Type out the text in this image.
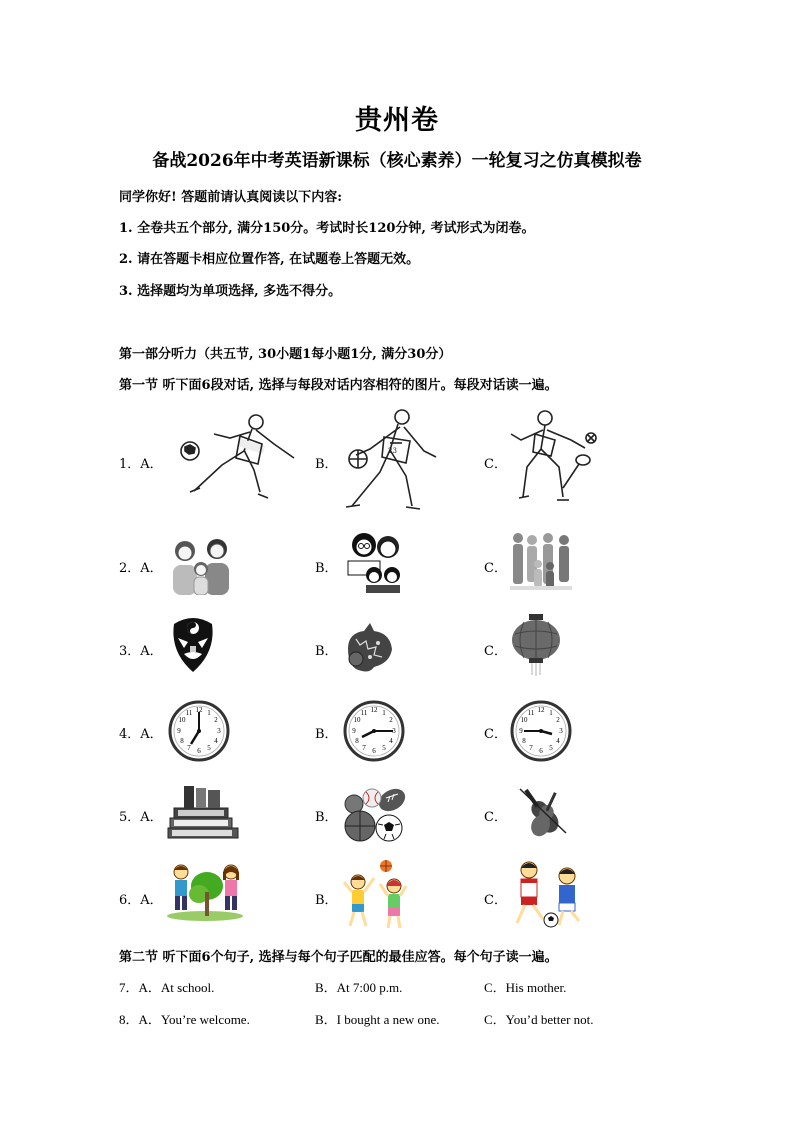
贵州卷
备战2026年中考英语新课标（核心素养）一轮复习之仿真模拟卷
同学你好! 答题前请认真阅读以下内容:
1. 全卷共五个部分, 满分150分。考试时长120分钟, 考试形式为闭卷。
2. 请在答题卡相应位置作答, 在试题卷上答题无效。
3. 选择题均为单项选择, 多选不得分。
第一部分听力（共五节, 30小题1每小题1分, 满分30分）
第一节 听下面6段对话, 选择与每段对话内容相符的图片。每段对话读一遍。
1．A．	B．	C．
2．A．	B．	C．
3．A．	B．	C．
4．A．	B．	C．
5．A．	B．	C．
6．A．	B．	C．
23
12 1
2
3
4
5
6
7
8
9
10
11	12 1
2
3
4
5
6
7
8
9
10
11	12 1
2
3
4
5
6
7
8
9
10
11
第二节 听下面6个句子, 选择与每个句子匹配的最佳应答。每个句子读一遍。
7．A．At school.	B．At 7:00 p.m.	C．His mother.
8．A．You’re welcome.	B．I bought a new one.	C．You’d better not.
